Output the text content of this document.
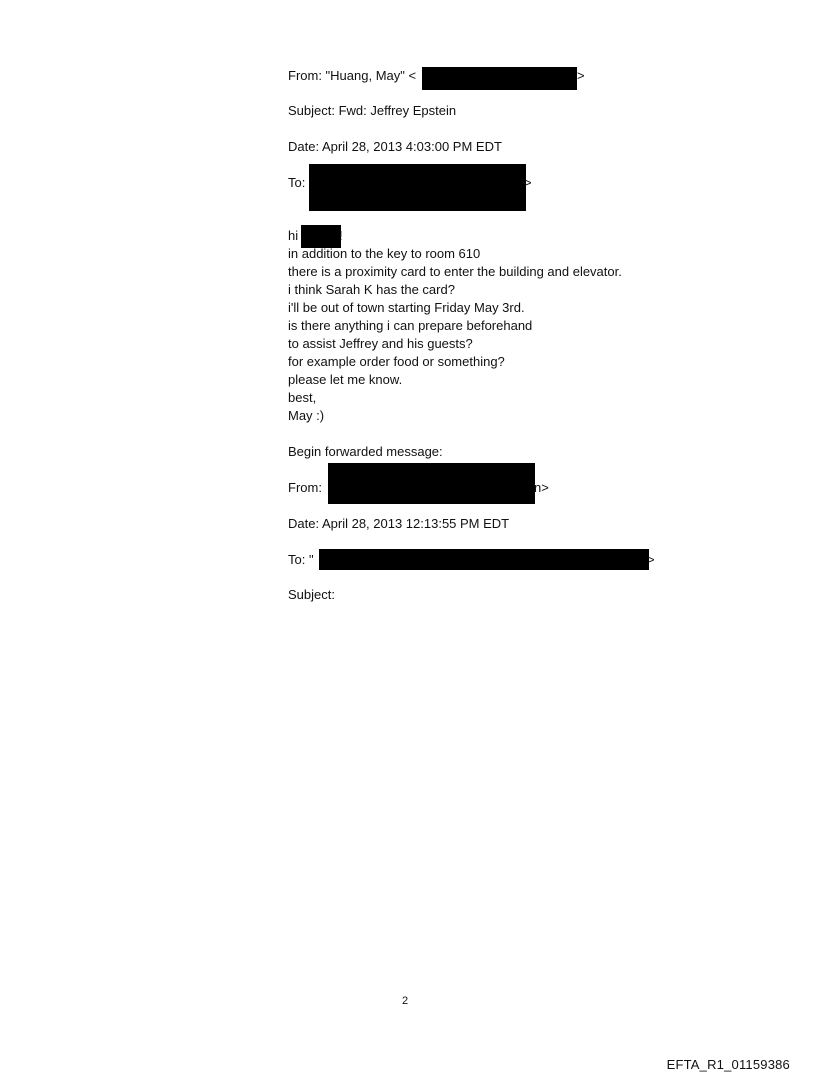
From: "Huang, May" <	>
Subject: Fwd: Jeffrey Epstein
Date: April 28, 2013 4:03:00 PM EDT
To:	>
hi	!
in addition to the key to room 610
there is a proximity card to enter the building and elevator.
i think Sarah K has the card?
i'll be out of town starting Friday May 3rd.
is there anything i can prepare beforehand
to assist Jeffrey and his guests?
for example order food or something?
please let me know.
best,
May :)
Begin forwarded message:
From:	n>
Date: April 28, 2013 12:13:55 PM EDT
To: "	>
Subject:
2
EFTA_R1_01159386
